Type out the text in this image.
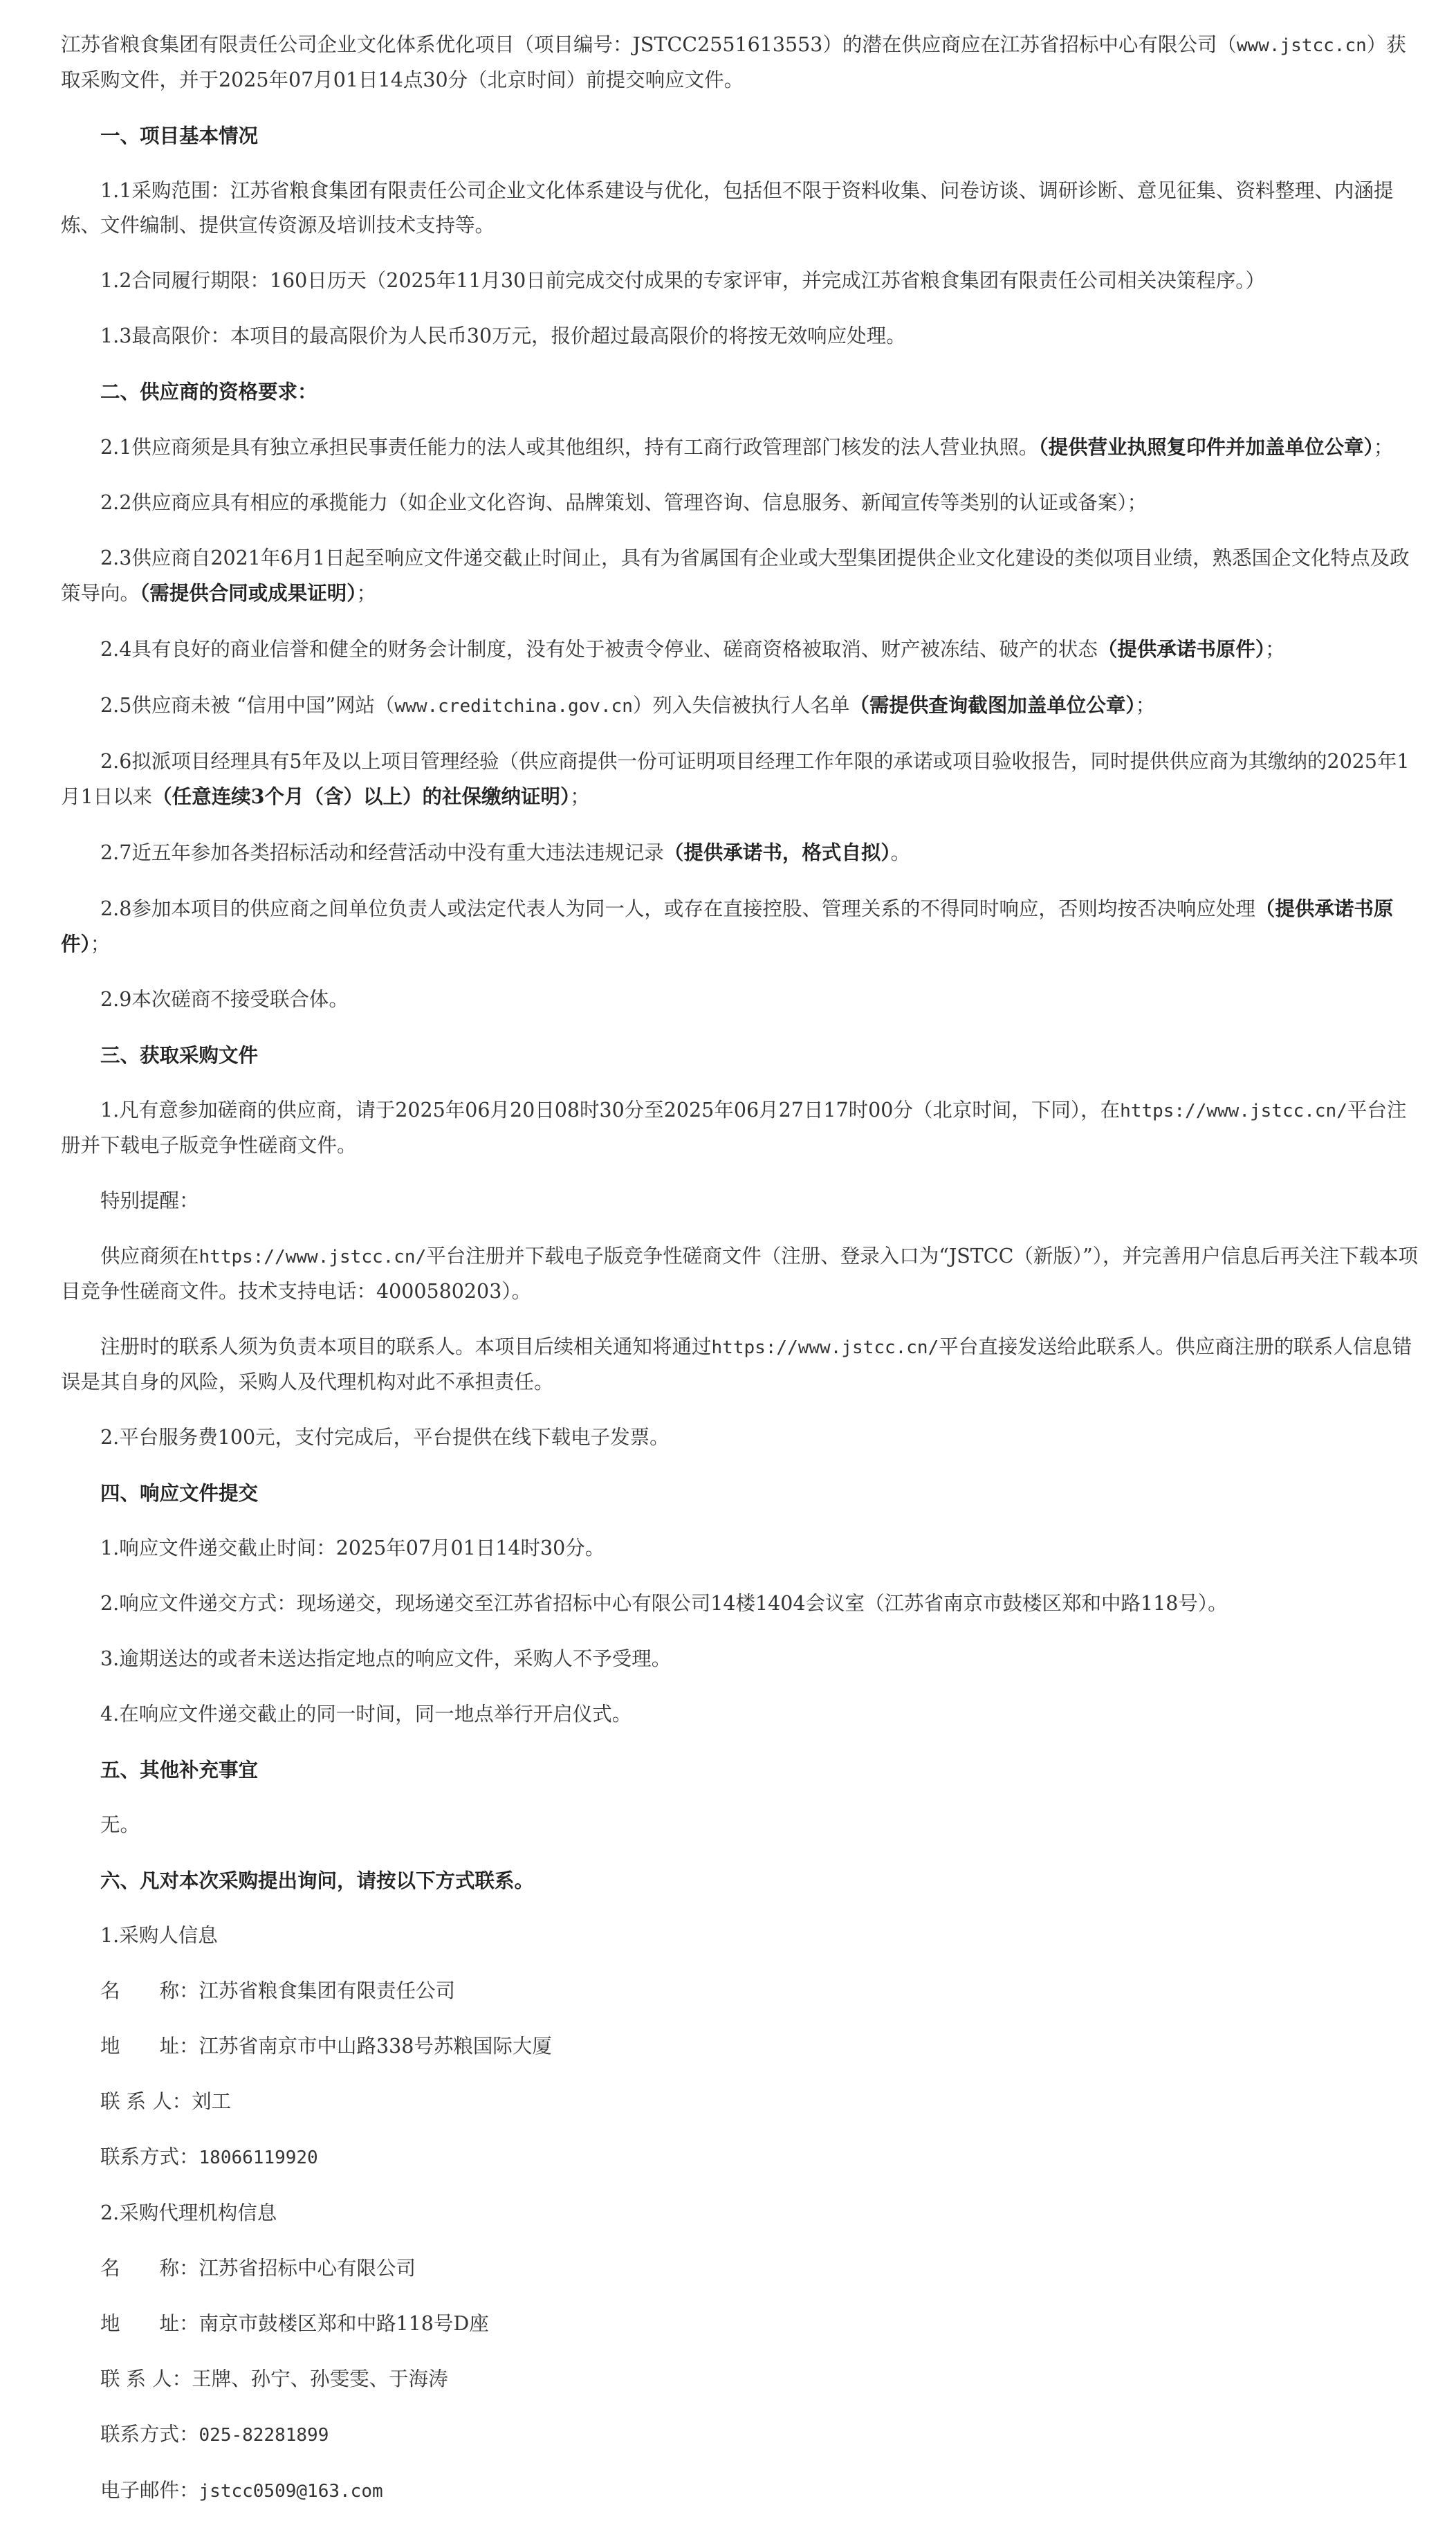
江苏省粮食集团有限责任公司企业文化体系优化项目（项目编号：JSTCC2551613553）的潜在供应商应在江苏省招标中心有限公司（www.jstcc.cn）获取采购文件，并于2025年07月01日14点30分（北京时间）前提交响应文件。

一、项目基本情况

1.1采购范围：江苏省粮食集团有限责任公司企业文化体系建设与优化，包括但不限于资料收集、问卷访谈、调研诊断、意见征集、资料整理、内涵提炼、文件编制、提供宣传资源及培训技术支持等。

1.2合同履行期限：160日历天（2025年11月30日前完成交付成果的专家评审，并完成江苏省粮食集团有限责任公司相关决策程序。）

1.3最高限价：本项目的最高限价为人民币30万元，报价超过最高限价的将按无效响应处理。

二、供应商的资格要求：

2.1供应商须是具有独立承担民事责任能力的法人或其他组织，持有工商行政管理部门核发的法人营业执照。（提供营业执照复印件并加盖单位公章）；

2.2供应商应具有相应的承揽能力（如企业文化咨询、品牌策划、管理咨询、信息服务、新闻宣传等类别的认证或备案）；

2.3供应商自2021年6月1日起至响应文件递交截止时间止，具有为省属国有企业或大型集团提供企业文化建设的类似项目业绩，熟悉国企文化特点及政策导向。（需提供合同或成果证明）；

2.4具有良好的商业信誉和健全的财务会计制度，没有处于被责令停业、磋商资格被取消、财产被冻结、破产的状态（提供承诺书原件）；

2.5供应商未被 “信用中国”网站（www.creditchina.gov.cn）列入失信被执行人名单（需提供查询截图加盖单位公章）；

2.6拟派项目经理具有5年及以上项目管理经验（供应商提供一份可证明项目经理工作年限的承诺或项目验收报告，同时提供供应商为其缴纳的2025年1月1日以来（任意连续3个月（含）以上）的社保缴纳证明）；

2.7近五年参加各类招标活动和经营活动中没有重大违法违规记录（提供承诺书，格式自拟）。

2.8参加本项目的供应商之间单位负责人或法定代表人为同一人，或存在直接控股、管理关系的不得同时响应，否则均按否决响应处理（提供承诺书原件）；

2.9本次磋商不接受联合体。

三、获取采购文件

1.凡有意参加磋商的供应商，请于2025年06月20日08时30分至2025年06月27日17时00分（北京时间，下同），在https://www.jstcc.cn/平台注册并下载电子版竞争性磋商文件。

特别提醒：

供应商须在https://www.jstcc.cn/平台注册并下载电子版竞争性磋商文件（注册、登录入口为“JSTCC（新版）”），并完善用户信息后再关注下载本项目竞争性磋商文件。技术支持电话：4000580203）。

注册时的联系人须为负责本项目的联系人。本项目后续相关通知将通过https://www.jstcc.cn/平台直接发送给此联系人。供应商注册的联系人信息错误是其自身的风险，采购人及代理机构对此不承担责任。

2.平台服务费100元，支付完成后，平台提供在线下载电子发票。

四、响应文件提交

1.响应文件递交截止时间：2025年07月01日14时30分。

2.响应文件递交方式：现场递交，现场递交至江苏省招标中心有限公司14楼1404会议室（江苏省南京市鼓楼区郑和中路118号）。

3.逾期送达的或者未送达指定地点的响应文件，采购人不予受理。

4.在响应文件递交截止的同一时间，同一地点举行开启仪式。

五、其他补充事宜

无。

六、凡对本次采购提出询问，请按以下方式联系。

1.采购人信息

名　　称：江苏省粮食集团有限责任公司

地　　址：江苏省南京市中山路338号苏粮国际大厦

联 系 人：刘工

联系方式：18066119920

2.采购代理机构信息

名　　称：江苏省招标中心有限公司

地　　址：南京市鼓楼区郑和中路118号D座

联 系 人：王牌、孙宁、孙雯雯、于海涛

联系方式：025-82281899

电子邮件：jstcc0509@163.com
